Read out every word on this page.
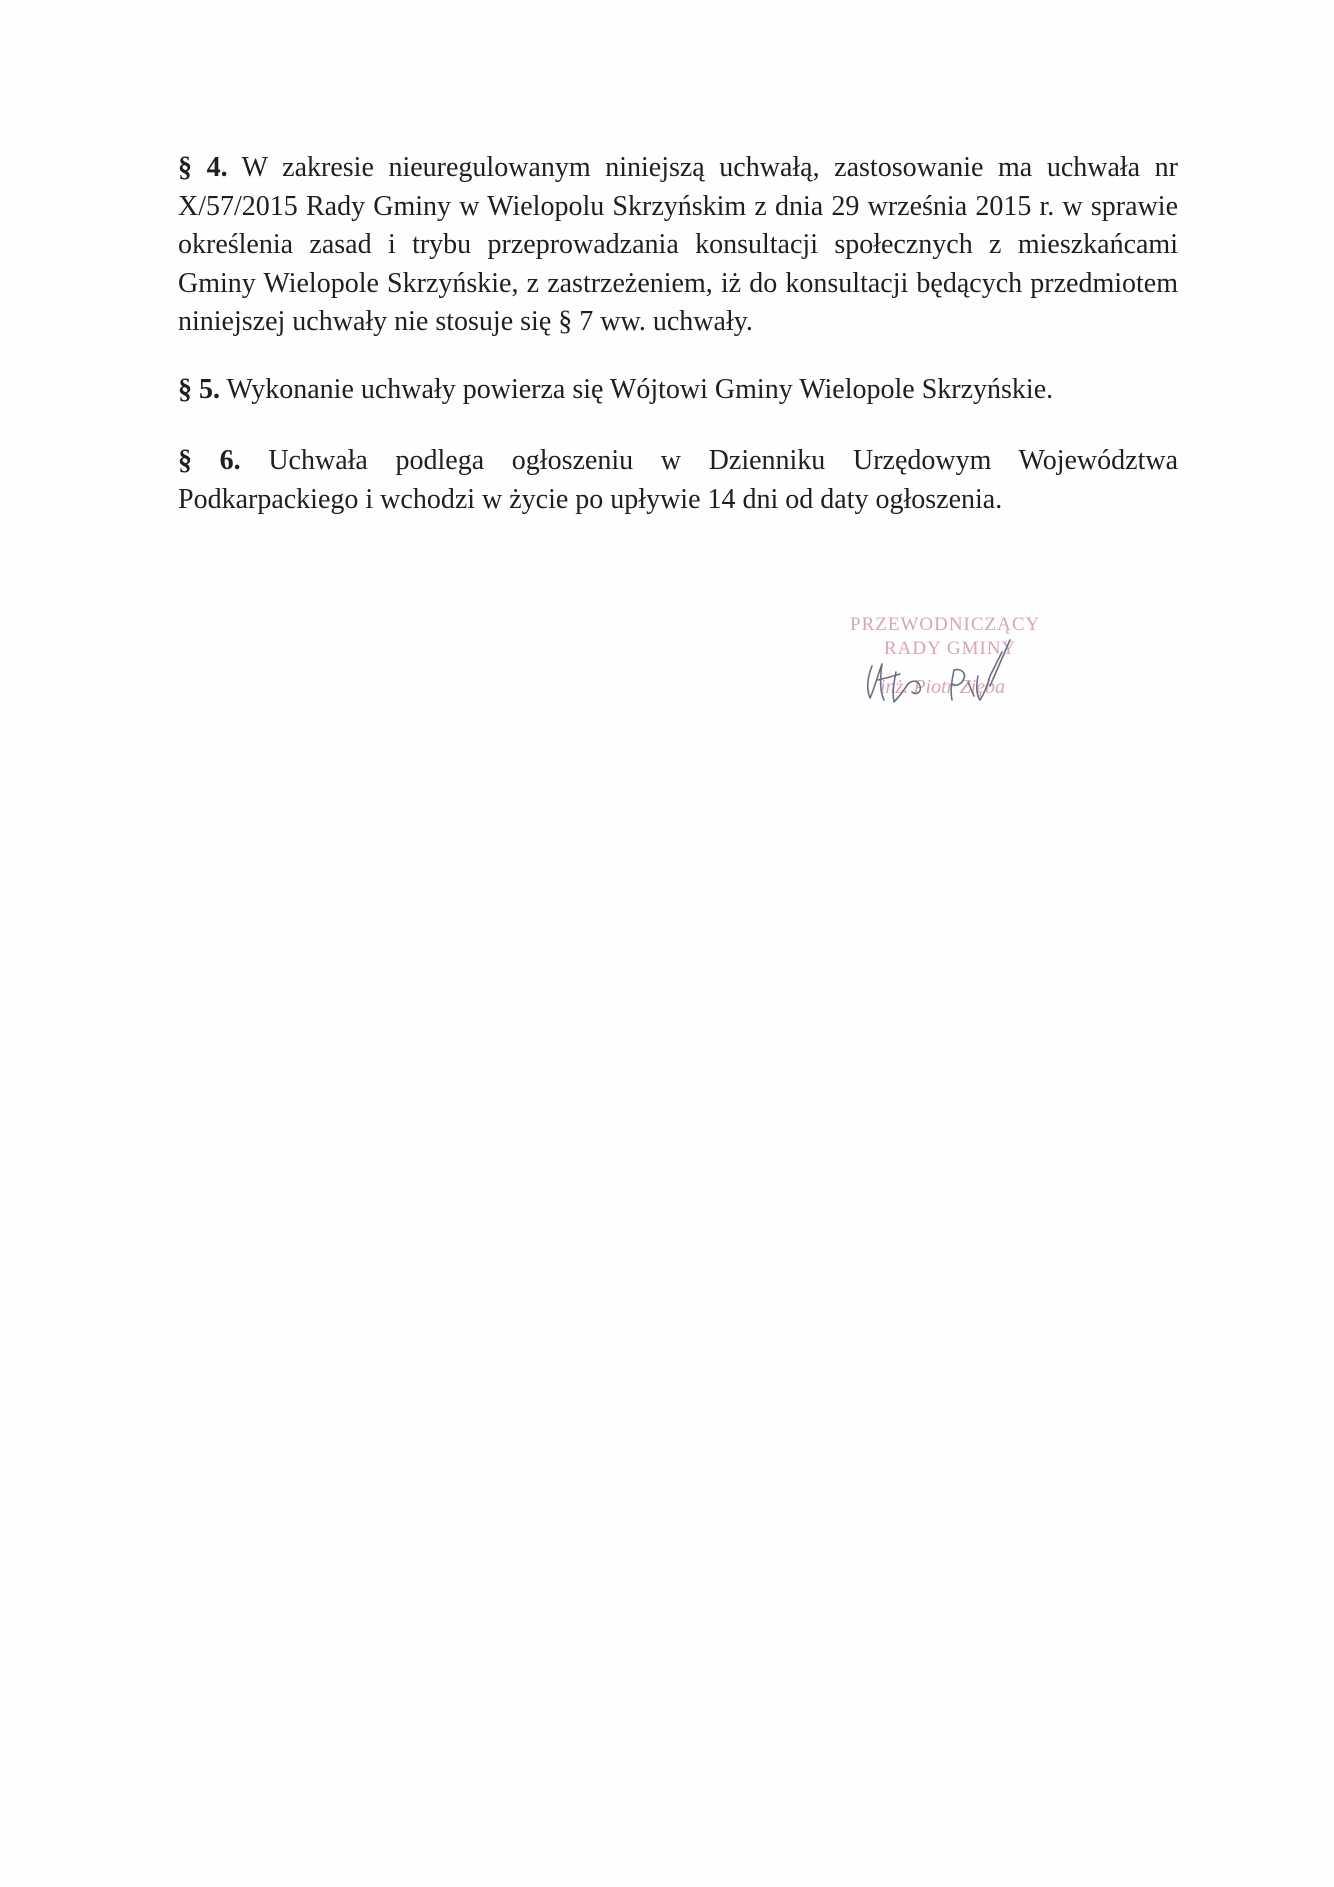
§ 4. W zakresie nieuregulowanym niniejszą uchwałą, zastosowanie ma uchwała nr X/57/2015 Rady Gminy w Wielopolu Skrzyńskim z dnia 29 września 2015 r. w sprawie określenia zasad i trybu przeprowadzania konsultacji społecznych z mieszkańcami Gminy Wielopole Skrzyńskie, z zastrzeżeniem, iż do konsultacji będących przedmiotem niniejszej uchwały nie stosuje się § 7 ww. uchwały.

§ 5. Wykonanie uchwały powierza się Wójtowi Gminy Wielopole Skrzyńskie.

§ 6. Uchwała podlega ogłoszeniu w Dzienniku Urzędowym Województwa Podkarpackiego i wchodzi w życie po upływie 14 dni od daty ogłoszenia.

PRZEWODNICZĄCY
RADY GMINY
inż. Piotr Zięba
